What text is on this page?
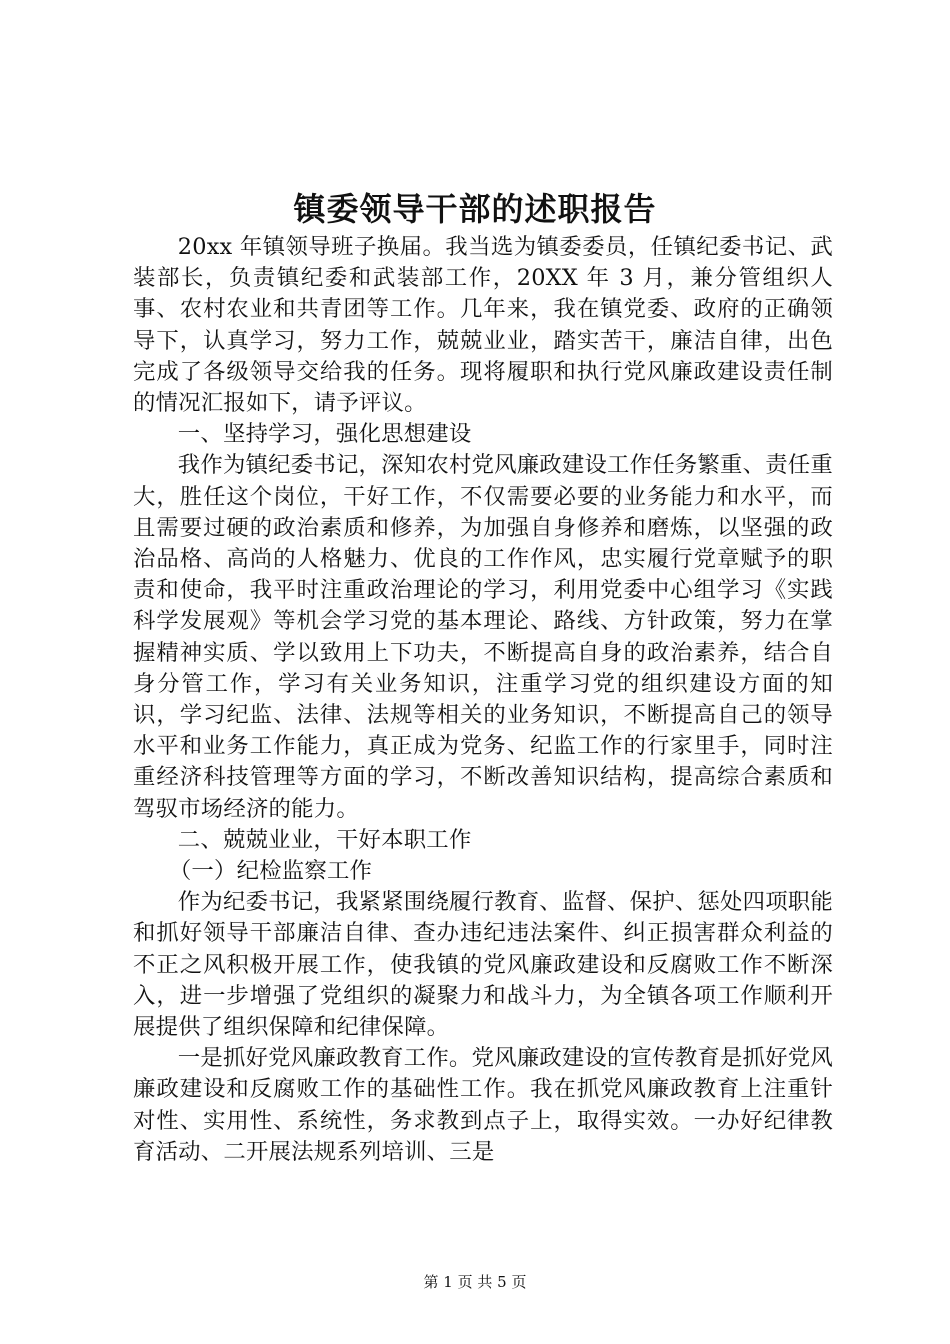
镇委领导干部的述职报告

20xx 年镇领导班子换届。我当选为镇委委员，任镇纪委书记、武装部长，负责镇纪委和武装部工作，20XX 年 3 月，兼分管组织人事、农村农业和共青团等工作。几年来，我在镇党委、政府的正确领导下，认真学习，努力工作，兢兢业业，踏实苦干，廉洁自律，出色完成了各级领导交给我的任务。现将履职和执行党风廉政建设责任制的情况汇报如下，请予评议。

一、坚持学习，强化思想建设

我作为镇纪委书记，深知农村党风廉政建设工作任务繁重、责任重大，胜任这个岗位，干好工作，不仅需要必要的业务能力和水平，而且需要过硬的政治素质和修养，为加强自身修养和磨炼，以坚强的政治品格、高尚的人格魅力、优良的工作作风，忠实履行党章赋予的职责和使命，我平时注重政治理论的学习，利用党委中心组学习《实践科学发展观》等机会学习党的基本理论、路线、方针政策，努力在掌握精神实质、学以致用上下功夫，不断提高自身的政治素养，结合自身分管工作，学习有关业务知识，注重学习党的组织建设方面的知识，学习纪监、法律、法规等相关的业务知识，不断提高自己的领导水平和业务工作能力，真正成为党务、纪监工作的行家里手，同时注重经济科技管理等方面的学习，不断改善知识结构，提高综合素质和驾驭市场经济的能力。

二、兢兢业业，干好本职工作

（一）纪检监察工作

作为纪委书记，我紧紧围绕履行教育、监督、保护、惩处四项职能和抓好领导干部廉洁自律、查办违纪违法案件、纠正损害群众利益的不正之风积极开展工作，使我镇的党风廉政建设和反腐败工作不断深入，进一步增强了党组织的凝聚力和战斗力，为全镇各项工作顺利开展提供了组织保障和纪律保障。

一是抓好党风廉政教育工作。党风廉政建设的宣传教育是抓好党风廉政建设和反腐败工作的基础性工作。我在抓党风廉政教育上注重针对性、实用性、系统性，务求教到点子上，取得实效。一办好纪律教育活动、二开展法规系列培训、三是

第 1 页 共 5 页
